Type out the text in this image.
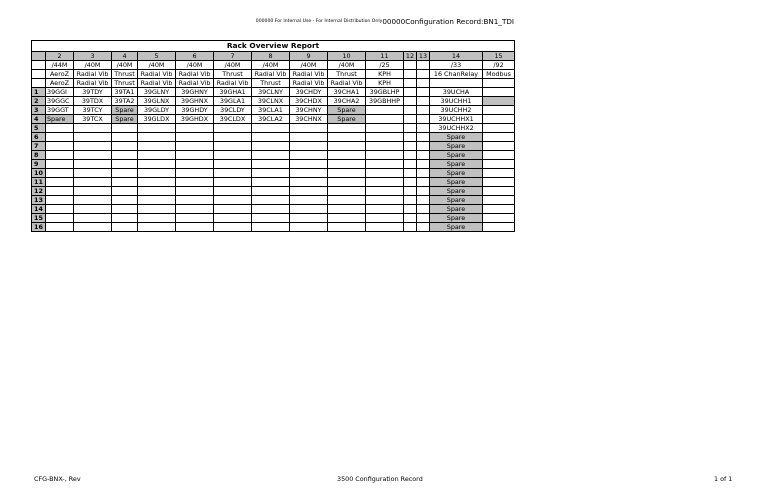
000000 For Internal Use - For Internal Distribution Only00000Configuration Record:BN1_TDI
Rack Overview Report														
	2	3	4	5	6	7	8	9	10	11	12	13	14	15
	/44M	/40M	/40M	/40M	/40M	/40M	/40M	/40M	/40M	/25			/33	/92
	AeroZ	Radial Vib	Thrust	Radial Vib	Radial Vib	Thrust	Radial Vib	Radial Vib	Thrust	KPH			16 ChanRelay	Modbus
	AeroZ	Radial Vib	Thrust	Radial Vib	Radial Vib	Radial Vib	Thrust	Radial Vib	Radial Vib	KPH				
1	39GGI	39TDY	39TA1	39GLNY	39GHNY	39GHA1	39CLNY	39CHDY	39CHA1	39GBLHP			39UCHA	
2	39GGC	39TDX	39TA2	39GLNX	39GHNX	39GLA1	39CLNX	39CHDX	39CHA2	39GBHHP			39UCHH1	
3	39GGT	39TCY	Spare	39GLDY	39GHDY	39CLDY	39CLA1	39CHNY	Spare				39UCHH2	
4	Spare	39TCX	Spare	39GLDX	39GHDX	39CLDX	39CLA2	39CHNX	Spare				39UCHHX1	
5													39UCHHX2	
6													Spare	
7													Spare	
8													Spare	
9													Spare	
10													Spare	
11													Spare	
12													Spare	
13													Spare	
14													Spare	
15													Spare	
16													Spare	
CFG-BNX-, Rev	3500 Configuration Record	1 of 1
